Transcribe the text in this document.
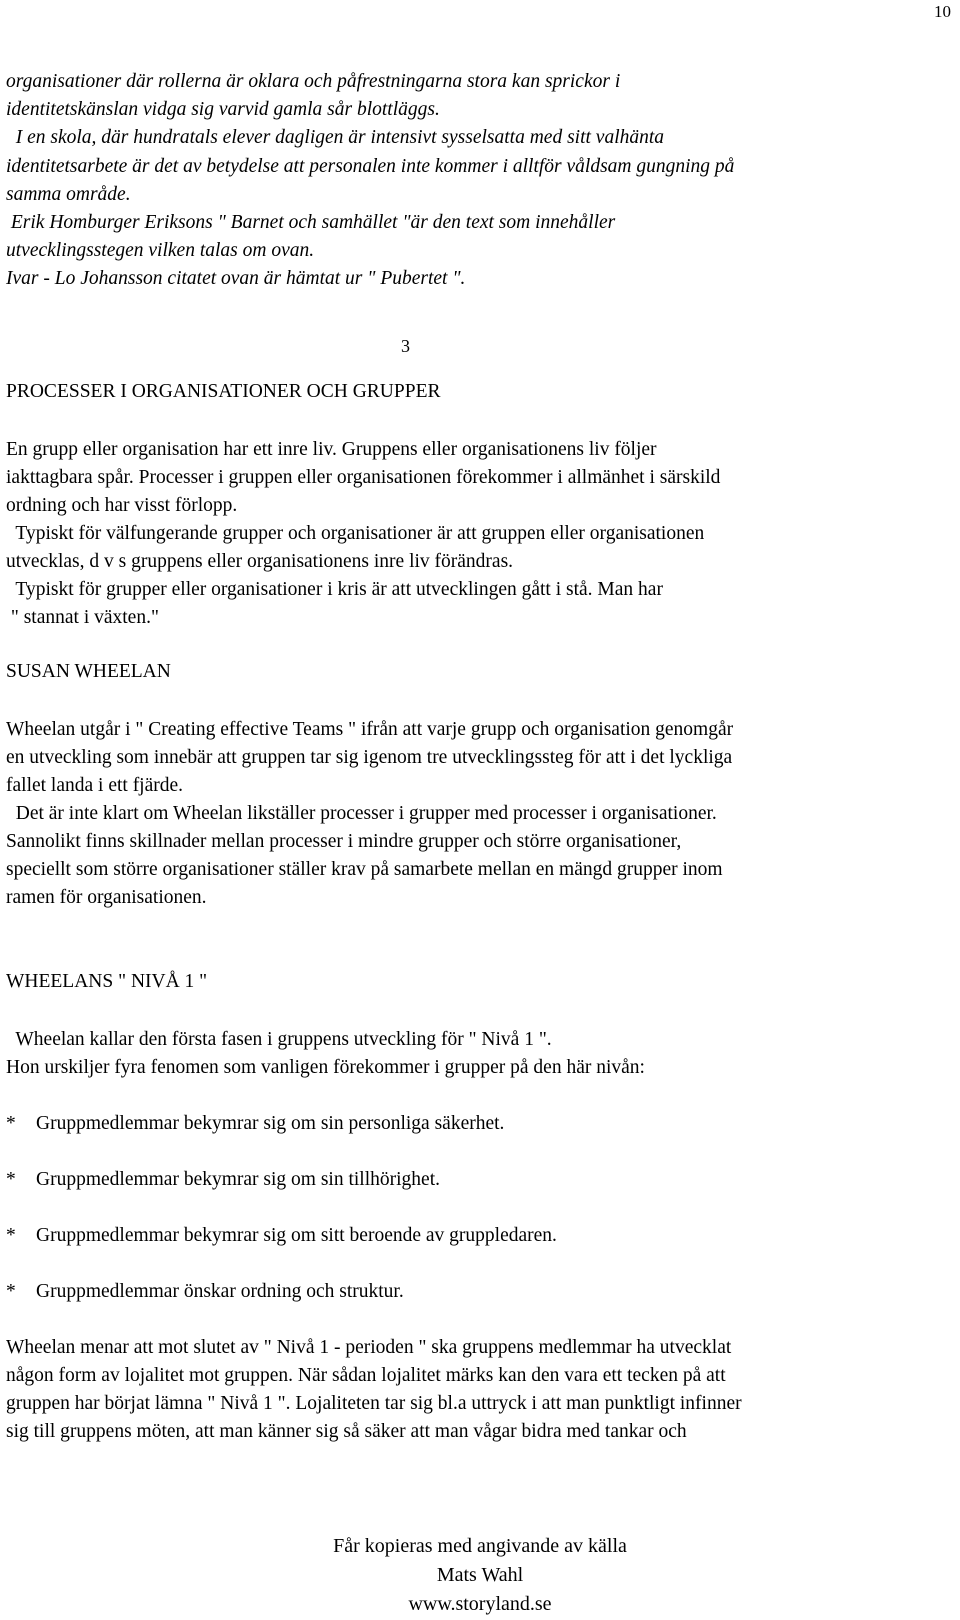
10

organisationer där rollerna är oklara och påfrestningarna stora kan sprickor i

identitetskänslan vidga sig varvid gamla sår blottläggs.

I en skola, där hundratals elever dagligen är intensivt sysselsatta med sitt valhänta

identitetsarbete är det av betydelse att personalen inte kommer i alltför våldsam gungning på

samma område.

Erik Homburger Eriksons " Barnet och samhället "är den text som innehåller

utvecklingsstegen vilken talas om ovan.

Ivar - Lo Johansson citatet ovan är hämtat ur " Pubertet ".

3
PROCESSER I ORGANISATIONER OCH GRUPPER

En grupp eller organisation har ett inre liv. Gruppens eller organisationens liv följer

iakttagbara spår. Processer i gruppen eller organisationen förekommer i allmänhet i särskild

ordning och har visst förlopp.

Typiskt för välfungerande grupper och organisationer är att gruppen eller organisationen

utvecklas, d v s gruppens eller organisationens inre liv förändras.

Typiskt för grupper eller organisationer i kris är att utvecklingen gått i stå. Man har

" stannat i växten."

SUSAN WHEELAN

Wheelan utgår i " Creating effective Teams " ifrån att varje grupp och organisation genomgår

en utveckling som innebär att gruppen tar sig igenom tre utvecklingssteg för att i det lyckliga

fallet landa i ett fjärde.

Det är inte klart om Wheelan likställer processer i grupper med processer i organisationer.

Sannolikt finns skillnader mellan processer i mindre grupper och större organisationer,

speciellt som större organisationer ställer krav på samarbete mellan en mängd grupper inom

ramen för organisationen.

WHEELANS " NIVÅ 1 "

Wheelan kallar den första fasen i gruppens utveckling för " Nivå 1 ".

Hon urskiljer fyra fenomen som vanligen förekommer i grupper på den här nivån:

* Gruppmedlemmar bekymrar sig om sin personliga säkerhet.
* Gruppmedlemmar bekymrar sig om sin tillhörighet.
* Gruppmedlemmar bekymrar sig om sitt beroende av gruppledaren.
* Gruppmedlemmar önskar ordning och struktur.

Wheelan menar att mot slutet av " Nivå 1 - perioden " ska gruppens medlemmar ha utvecklat

någon form av lojalitet mot gruppen. När sådan lojalitet märks kan den vara ett tecken på att

gruppen har börjat lämna " Nivå 1 ". Lojaliteten tar sig bl.a uttryck i att man punktligt infinner

sig till gruppens möten, att man känner sig så säker att man vågar bidra med tankar och

Får kopieras med angivande av källa
Mats Wahl
www.storyland.se
